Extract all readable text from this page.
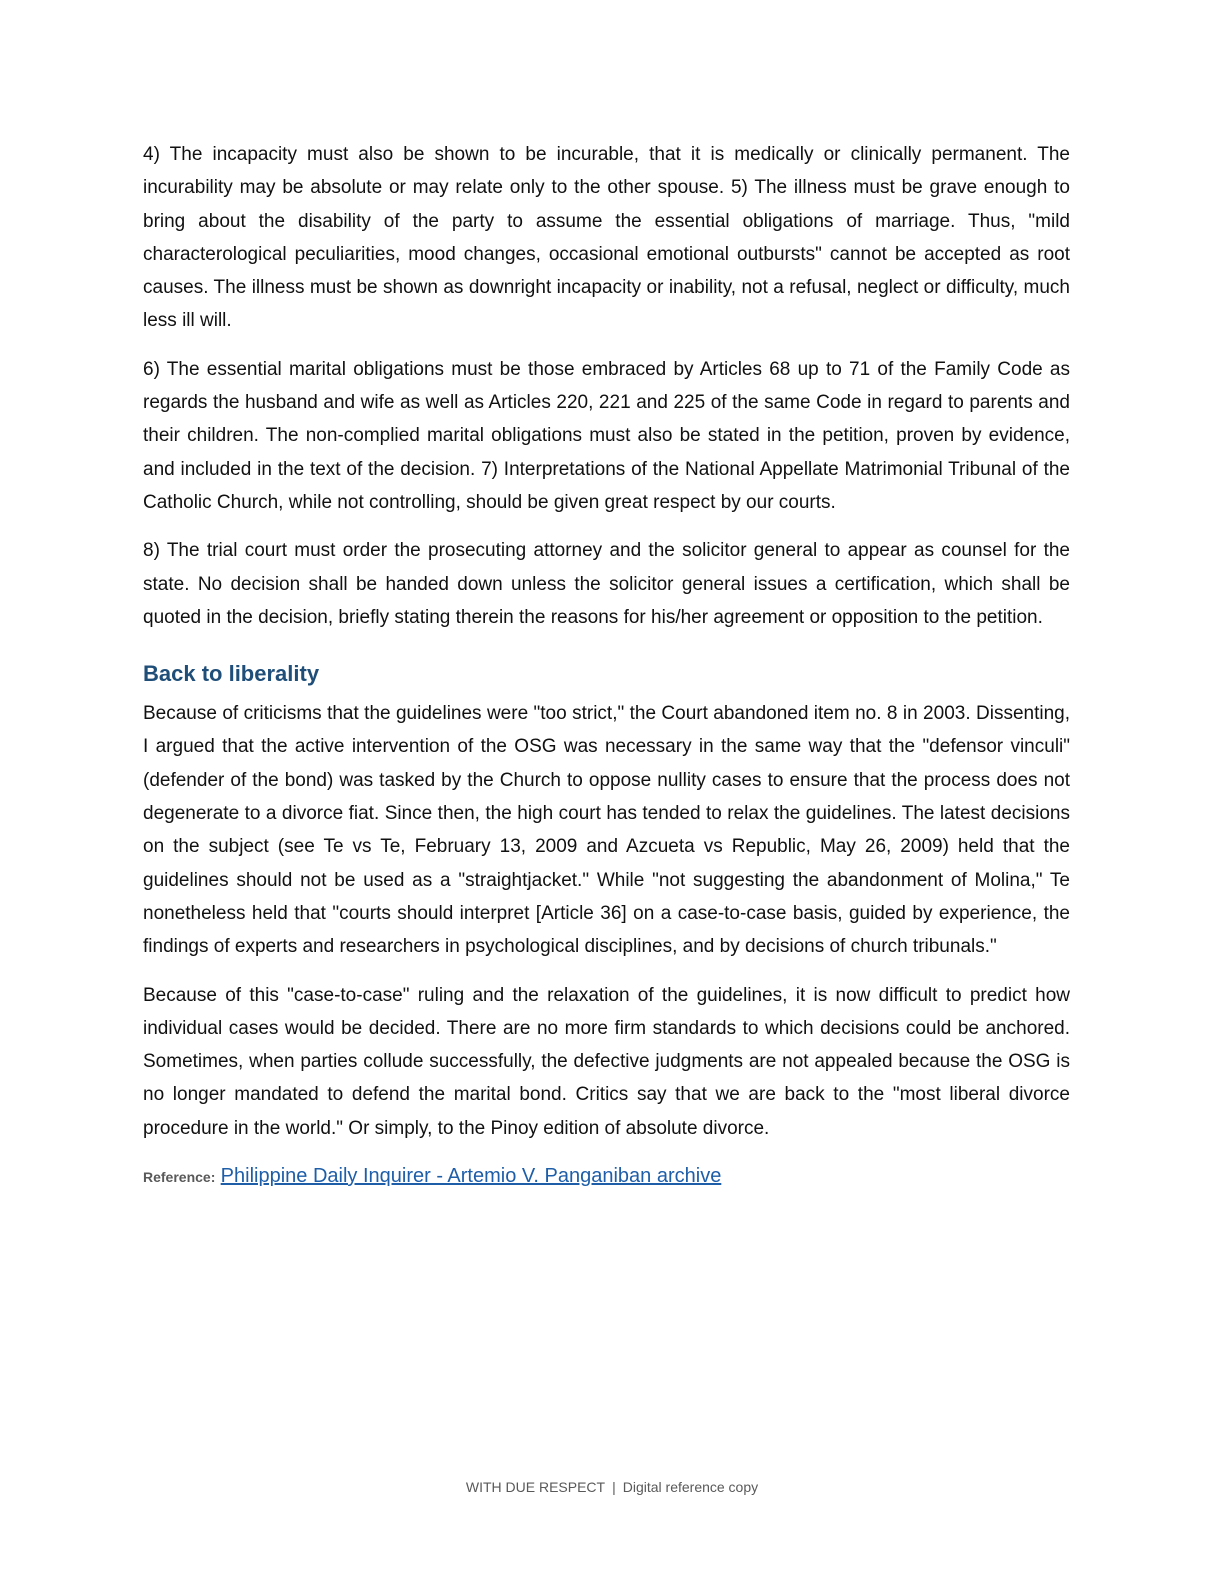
4) The incapacity must also be shown to be incurable, that it is medically or clinically permanent. The incurability may be absolute or may relate only to the other spouse. 5) The illness must be grave enough to bring about the disability of the party to assume the essential obligations of marriage. Thus, "mild characterological peculiarities, mood changes, occasional emotional outbursts" cannot be accepted as root causes. The illness must be shown as downright incapacity or inability, not a refusal, neglect or difficulty, much less ill will.

6) The essential marital obligations must be those embraced by Articles 68 up to 71 of the Family Code as regards the husband and wife as well as Articles 220, 221 and 225 of the same Code in regard to parents and their children. The non-complied marital obligations must also be stated in the petition, proven by evidence, and included in the text of the decision. 7) Interpretations of the National Appellate Matrimonial Tribunal of the Catholic Church, while not controlling, should be given great respect by our courts.

8) The trial court must order the prosecuting attorney and the solicitor general to appear as counsel for the state. No decision shall be handed down unless the solicitor general issues a certification, which shall be quoted in the decision, briefly stating therein the reasons for his/her agreement or opposition to the petition.

Back to liberality

Because of criticisms that the guidelines were "too strict," the Court abandoned item no. 8 in 2003. Dissenting, I argued that the active intervention of the OSG was necessary in the same way that the "defensor vinculi" (defender of the bond) was tasked by the Church to oppose nullity cases to ensure that the process does not degenerate to a divorce fiat. Since then, the high court has tended to relax the guidelines. The latest decisions on the subject (see Te vs Te, February 13, 2009 and Azcueta vs Republic, May 26, 2009) held that the guidelines should not be used as a "straightjacket." While "not suggesting the abandonment of Molina," Te nonetheless held that "courts should interpret [Article 36] on a case-to-case basis, guided by experience, the findings of experts and researchers in psychological disciplines, and by decisions of church tribunals."

Because of this "case-to-case" ruling and the relaxation of the guidelines, it is now difficult to predict how individual cases would be decided. There are no more firm standards to which decisions could be anchored. Sometimes, when parties collude successfully, the defective judgments are not appealed because the OSG is no longer mandated to defend the marital bond. Critics say that we are back to the "most liberal divorce procedure in the world." Or simply, to the Pinoy edition of absolute divorce.

Reference: Philippine Daily Inquirer - Artemio V. Panganiban archive
WITH DUE RESPECT | Digital reference copy
